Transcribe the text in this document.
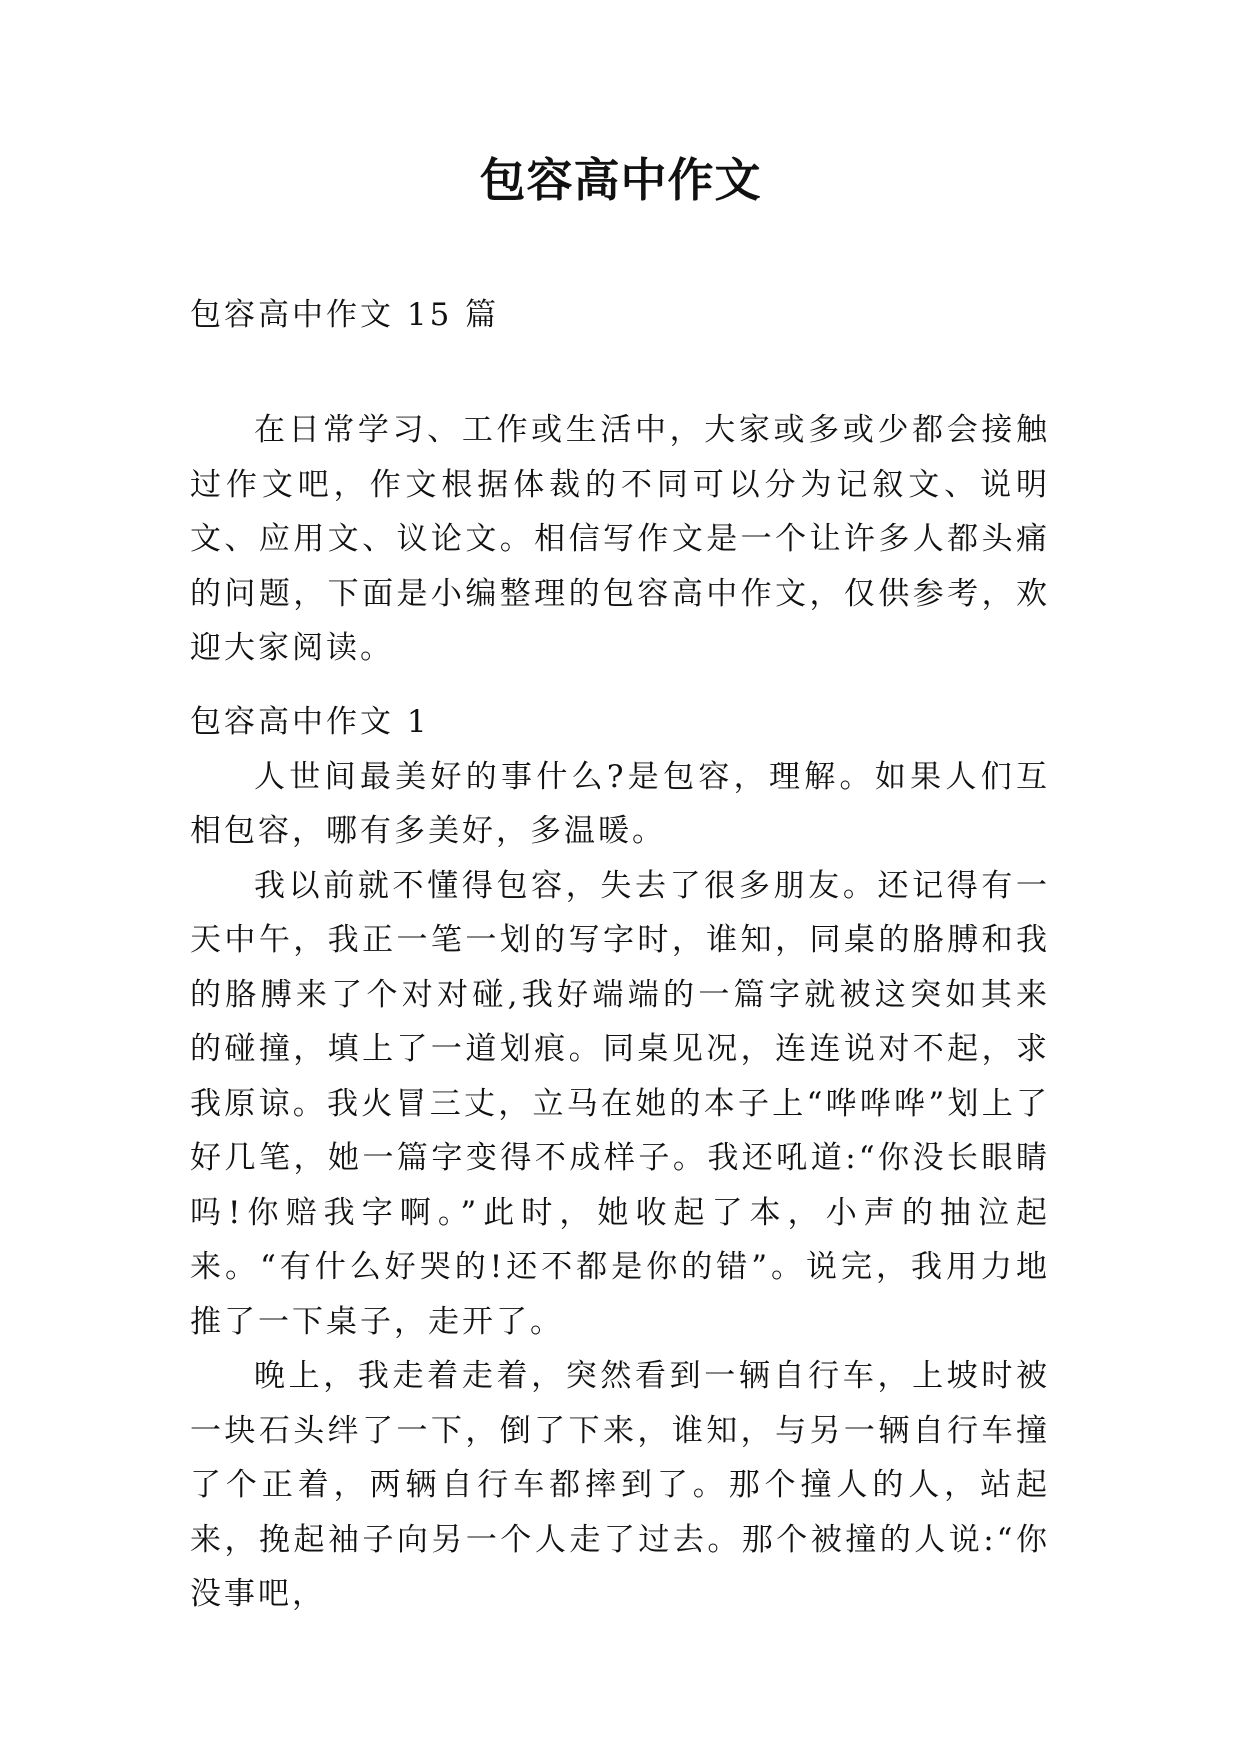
包容高中作文
包容高中作文 15 篇

在日常学习、工作或生活中，大家或多或少都会接触过作文吧，作文根据体裁的不同可以分为记叙文、说明文、应用文、议论文。相信写作文是一个让许多人都头痛的问题，下面是小编整理的包容高中作文，仅供参考，欢迎大家阅读。

包容高中作文 1

人世间最美好的事什么?是包容，理解。如果人们互相包容，哪有多美好，多温暖。

我以前就不懂得包容，失去了很多朋友。还记得有一天中午，我正一笔一划的写字时，谁知，同桌的胳膊和我的胳膊来了个对对碰,我好端端的一篇字就被这突如其来的碰撞，填上了一道划痕。同桌见况，连连说对不起，求我原谅。我火冒三丈，立马在她的本子上“哗哗哗”划上了好几笔，她一篇字变得不成样子。我还吼道:“你没长眼睛吗!你赔我字啊。”此时，她收起了本，小声的抽泣起来。“有什么好哭的!还不都是你的错”。说完，我用力地推了一下桌子，走开了。

晚上，我走着走着，突然看到一辆自行车，上坡时被一块石头绊了一下，倒了下来，谁知，与另一辆自行车撞了个正着，两辆自行车都摔到了。那个撞人的人，站起来，挽起袖子向另一个人走了过去。那个被撞的人说:“你没事吧，
